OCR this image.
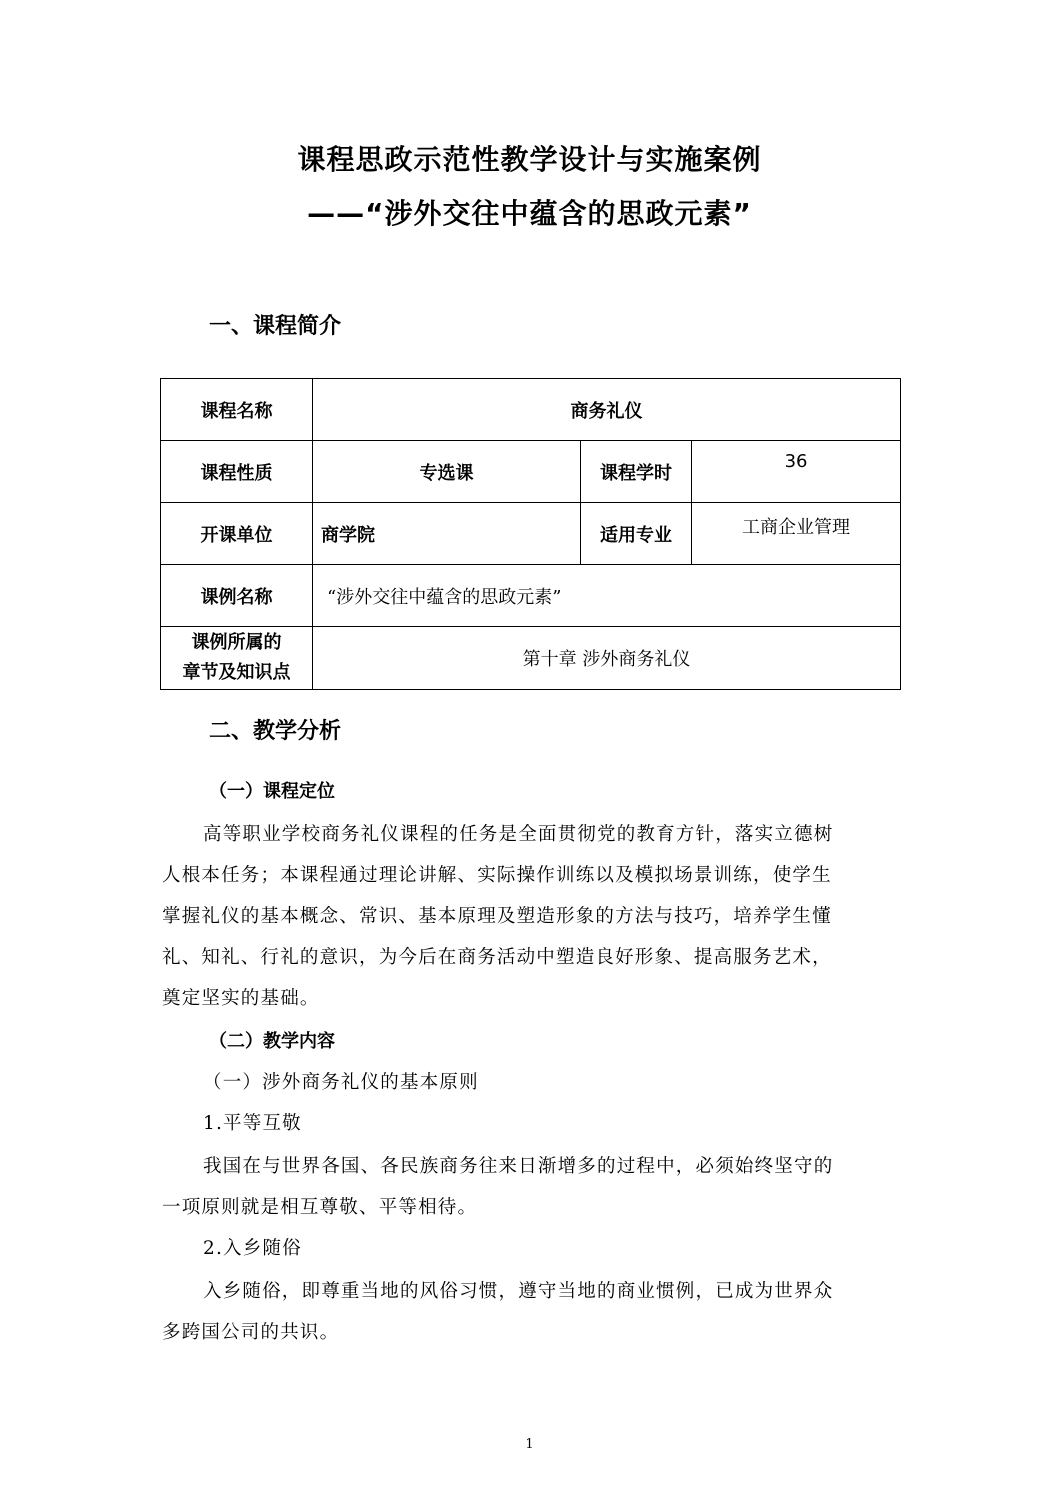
课程思政示范性教学设计与实施案例
——“涉外交往中蕴含的思政元素”
一、课程简介
课程名称	商务礼仪		
课程性质	专选课	课程学时	36
开课单位	商学院	适用专业	工商企业管理
课例名称	“涉外交往中蕴含的思政元素”		

课例所属的
章节及知识点	第十章 涉外商务礼仪		
二、教学分析
（一）课程定位
高等职业学校商务礼仪课程的任务是全面贯彻党的教育方针，落实立德树
人根本任务；本课程通过理论讲解、实际操作训练以及模拟场景训练，使学生
掌握礼仪的基本概念、常识、基本原理及塑造形象的方法与技巧，培养学生懂
礼、知礼、行礼的意识，为今后在商务活动中塑造良好形象、提高服务艺术，
奠定坚实的基础。
（二）教学内容
（一）涉外商务礼仪的基本原则
1.平等互敬
我国在与世界各国、各民族商务往来日渐增多的过程中，必须始终坚守的
一项原则就是相互尊敬、平等相待。
2.入乡随俗
入乡随俗，即尊重当地的风俗习惯，遵守当地的商业惯例，已成为世界众
多跨国公司的共识。
1
